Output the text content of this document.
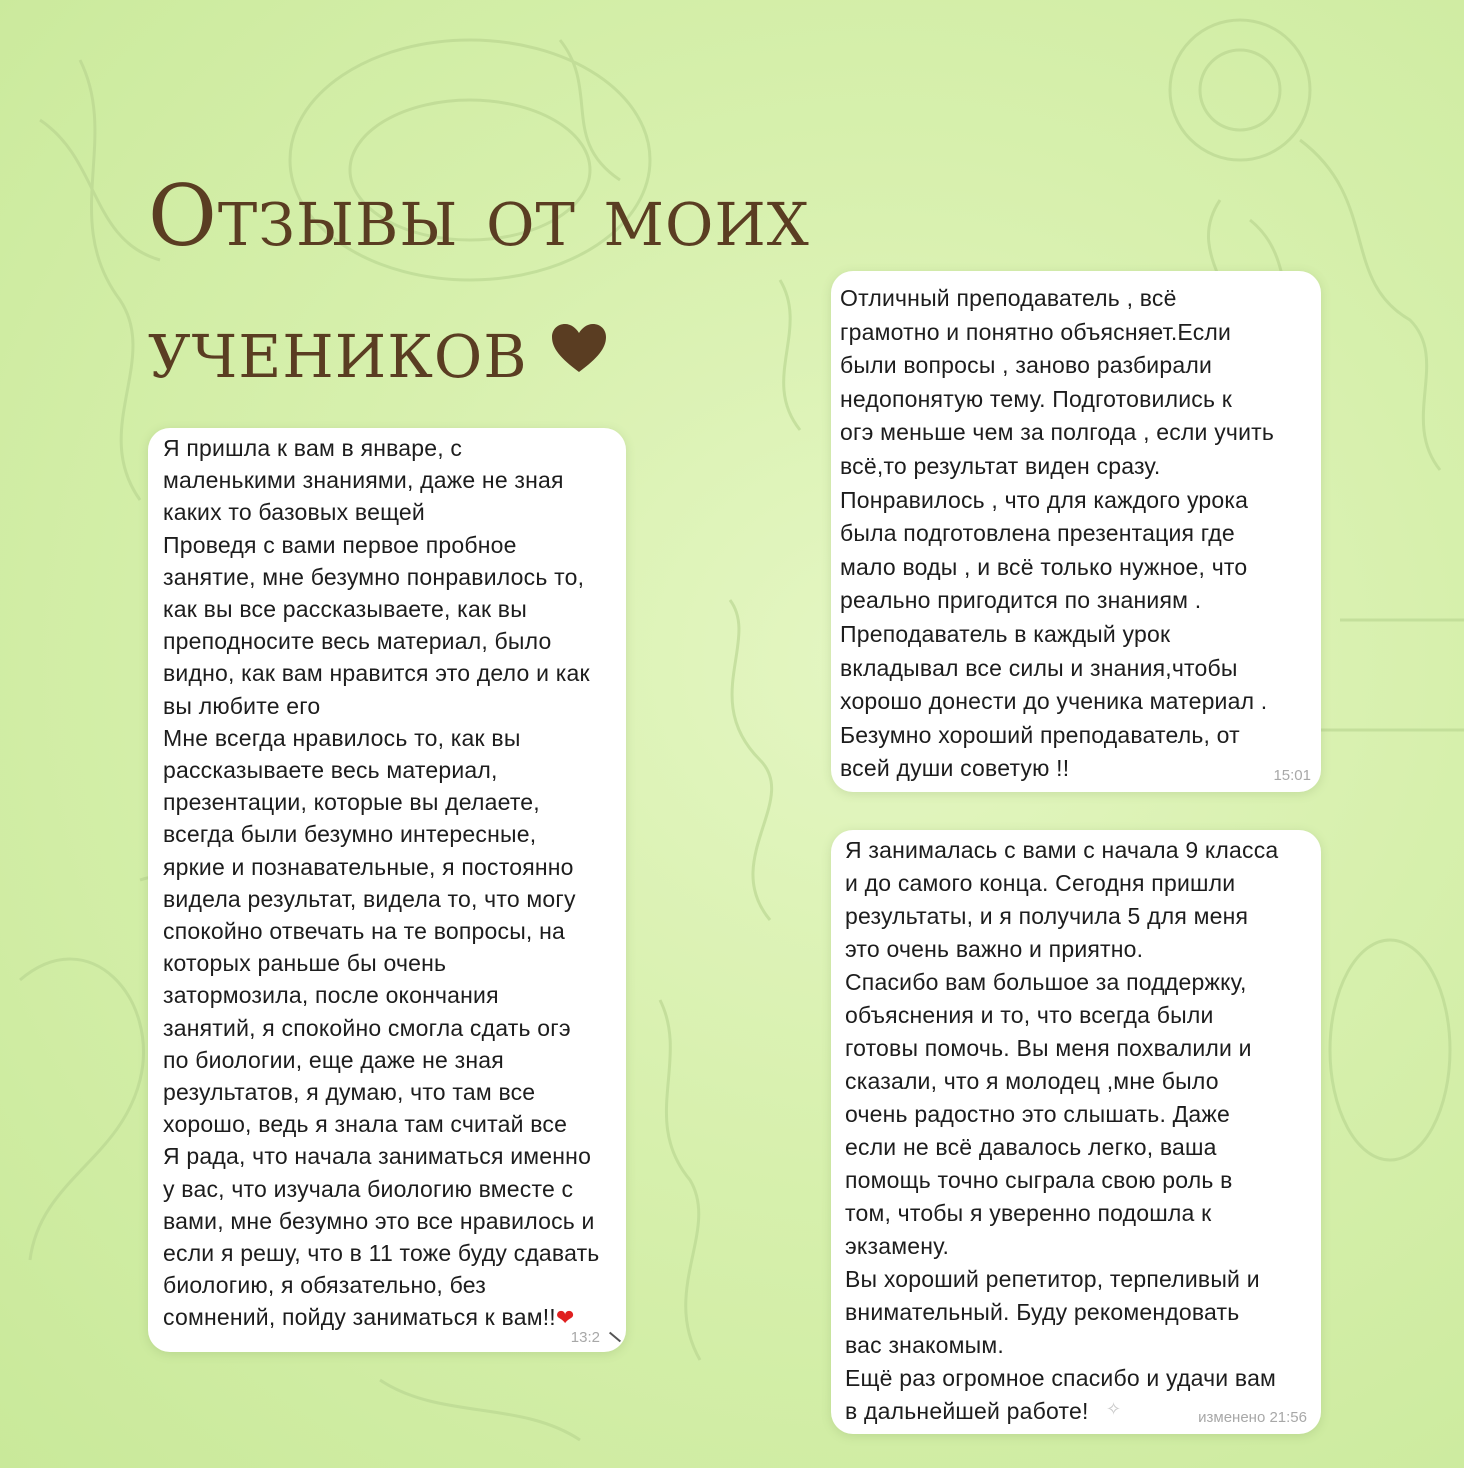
Отзывы от моих
учеников

Я пришла к вам в январе, с
маленькими знаниями, даже не зная
каких то базовых вещей
Проведя с вами первое пробное
занятие, мне безумно понравилось то,
как вы все рассказываете, как вы
преподносите весь материал, было
видно, как вам нравится это дело и как
вы любите его
Мне всегда нравилось то, как вы
рассказываете весь материал,
презентации, которые вы делаете,
всегда были безумно интересные,
яркие и познавательные, я постоянно
видела результат, видела то, что могу
спокойно отвечать на те вопросы, на
которых раньше бы очень
затормозила, после окончания
занятий, я спокойно смогла сдать огэ
по биологии, еще даже не зная
результатов, я думаю, что там все
хорошо, ведь я знала там считай все
Я рада, что начала заниматься именно
у вас, что изучала биологию вместе с
вами, мне безумно это все нравилось и
если я решу, что в 11 тоже буду сдавать
биологию, я обязательно, без
сомнений, пойду заниматься к вам!!❤

13:2

Отличный преподаватель , всё
грамотно и понятно объясняет.Если
были вопросы , заново разбирали
недопонятую тему. Подготовились к
огэ меньше чем за полгода , если учить
всё,то результат виден сразу.
Понравилось , что для каждого урока
была подготовлена презентация где
мало воды , и всё только нужное, что
реально пригодится по знаниям .
Преподаватель в каждый урок
вкладывал все силы и знания,чтобы
хорошо донести до ученика материал .
Безумно хороший преподаватель, от
всей души советую !!	15:01

Я занималась с вами с начала 9 класса
и до самого конца. Сегодня пришли
результаты, и я получила 5 для меня
это очень важно и приятно.
Спасибо вам большое за поддержку,
объяснения и то, что всегда были
готовы помочь. Вы меня похвалили и
сказали, что я молодец ,мне было
очень радостно это слышать. Даже
если не всё давалось легко, ваша
помощь точно сыграла свою роль в
том, чтобы я уверенно подошла к
экзамену.
Вы хороший репетитор, терпеливый и
внимательный. Буду рекомендовать
вас знакомым.
Ещё раз огромное спасибо и удачи вам
в дальнейшей работе! ✧	изменено 21:56
